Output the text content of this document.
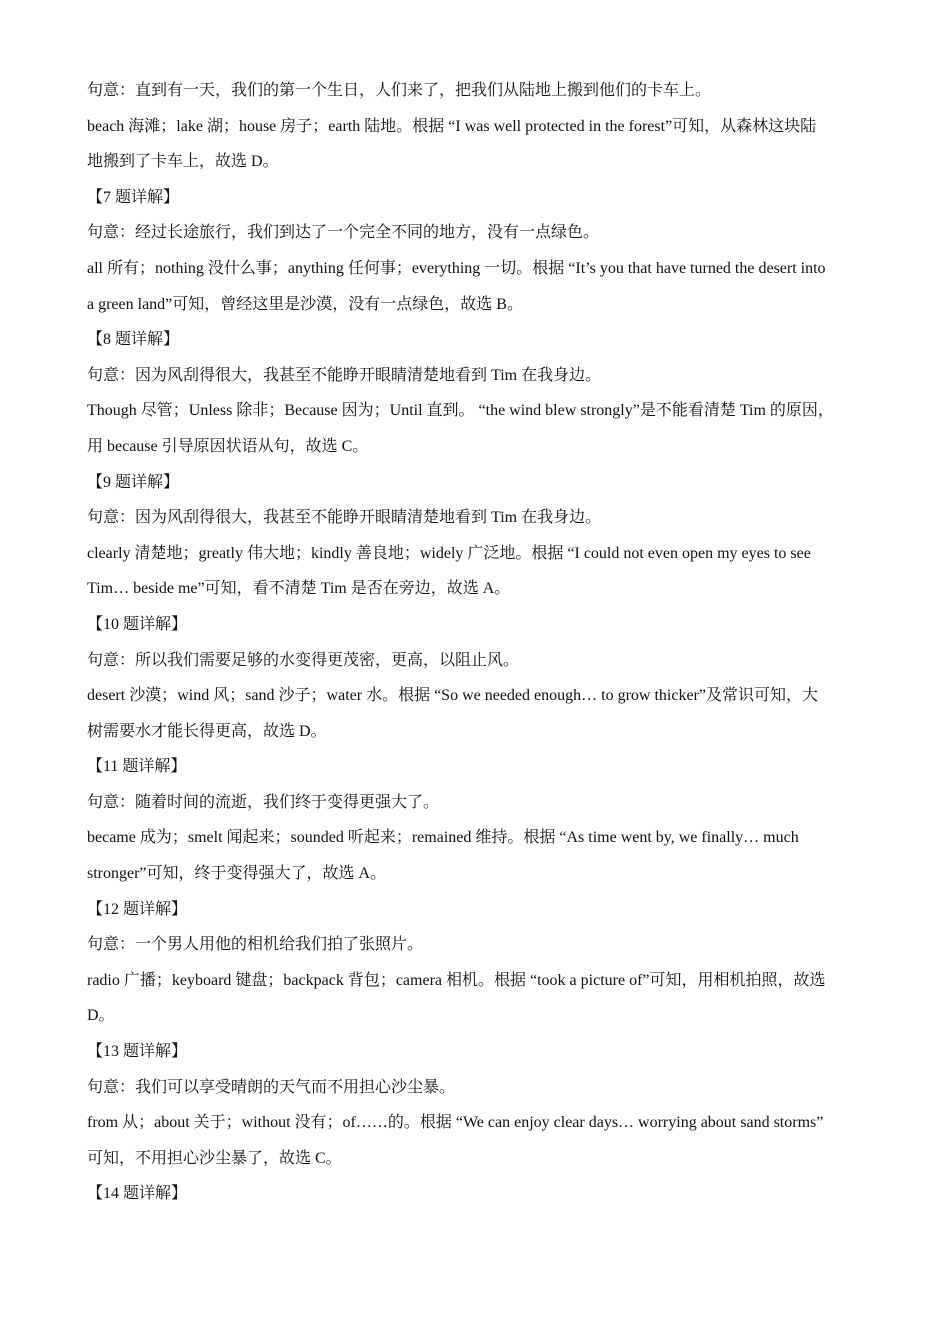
句意：直到有一天，我们的第一个生日，人们来了，把我们从陆地上搬到他们的卡车上。
beach 海滩；lake 湖；house 房子；earth 陆地。根据 “I was well protected in the forest”可知，从森林这块陆
地搬到了卡车上，故选 D。
【7 题详解】
句意：经过长途旅行，我们到达了一个完全不同的地方，没有一点绿色。
all 所有；nothing 没什么事；anything 任何事；everything 一切。根据 “It’s you that have turned the desert into
a green land”可知，曾经这里是沙漠，没有一点绿色，故选 B。
【8 题详解】
句意：因为风刮得很大，我甚至不能睁开眼睛清楚地看到 Tim 在我身边。
Though 尽管；Unless 除非；Because 因为；Until 直到。 “the wind blew strongly”是不能看清楚 Tim 的原因，
用 because 引导原因状语从句，故选 C。
【9 题详解】
句意：因为风刮得很大，我甚至不能睁开眼睛清楚地看到 Tim 在我身边。
clearly 清楚地；greatly 伟大地；kindly 善良地；widely 广泛地。根据 “I could not even open my eyes to see
Tim… beside me”可知，看不清楚 Tim 是否在旁边，故选 A。
【10 题详解】
句意：所以我们需要足够的水变得更茂密，更高，以阻止风。
desert 沙漠；wind 风；sand 沙子；water 水。根据 “So we needed enough… to grow thicker”及常识可知，大
树需要水才能长得更高，故选 D。
【11 题详解】
句意：随着时间的流逝，我们终于变得更强大了。
became 成为；smelt 闻起来；sounded 听起来；remained 维持。根据 “As time went by, we finally… much
stronger”可知，终于变得强大了，故选 A。
【12 题详解】
句意：一个男人用他的相机给我们拍了张照片。
radio 广播；keyboard 键盘；backpack 背包；camera 相机。根据 “took a picture of”可知，用相机拍照，故选
D。
【13 题详解】
句意：我们可以享受晴朗的天气而不用担心沙尘暴。
from 从；about 关于；without 没有；of……的。根据 “We can enjoy clear days… worrying about sand storms”
可知，不用担心沙尘暴了，故选 C。
【14 题详解】
